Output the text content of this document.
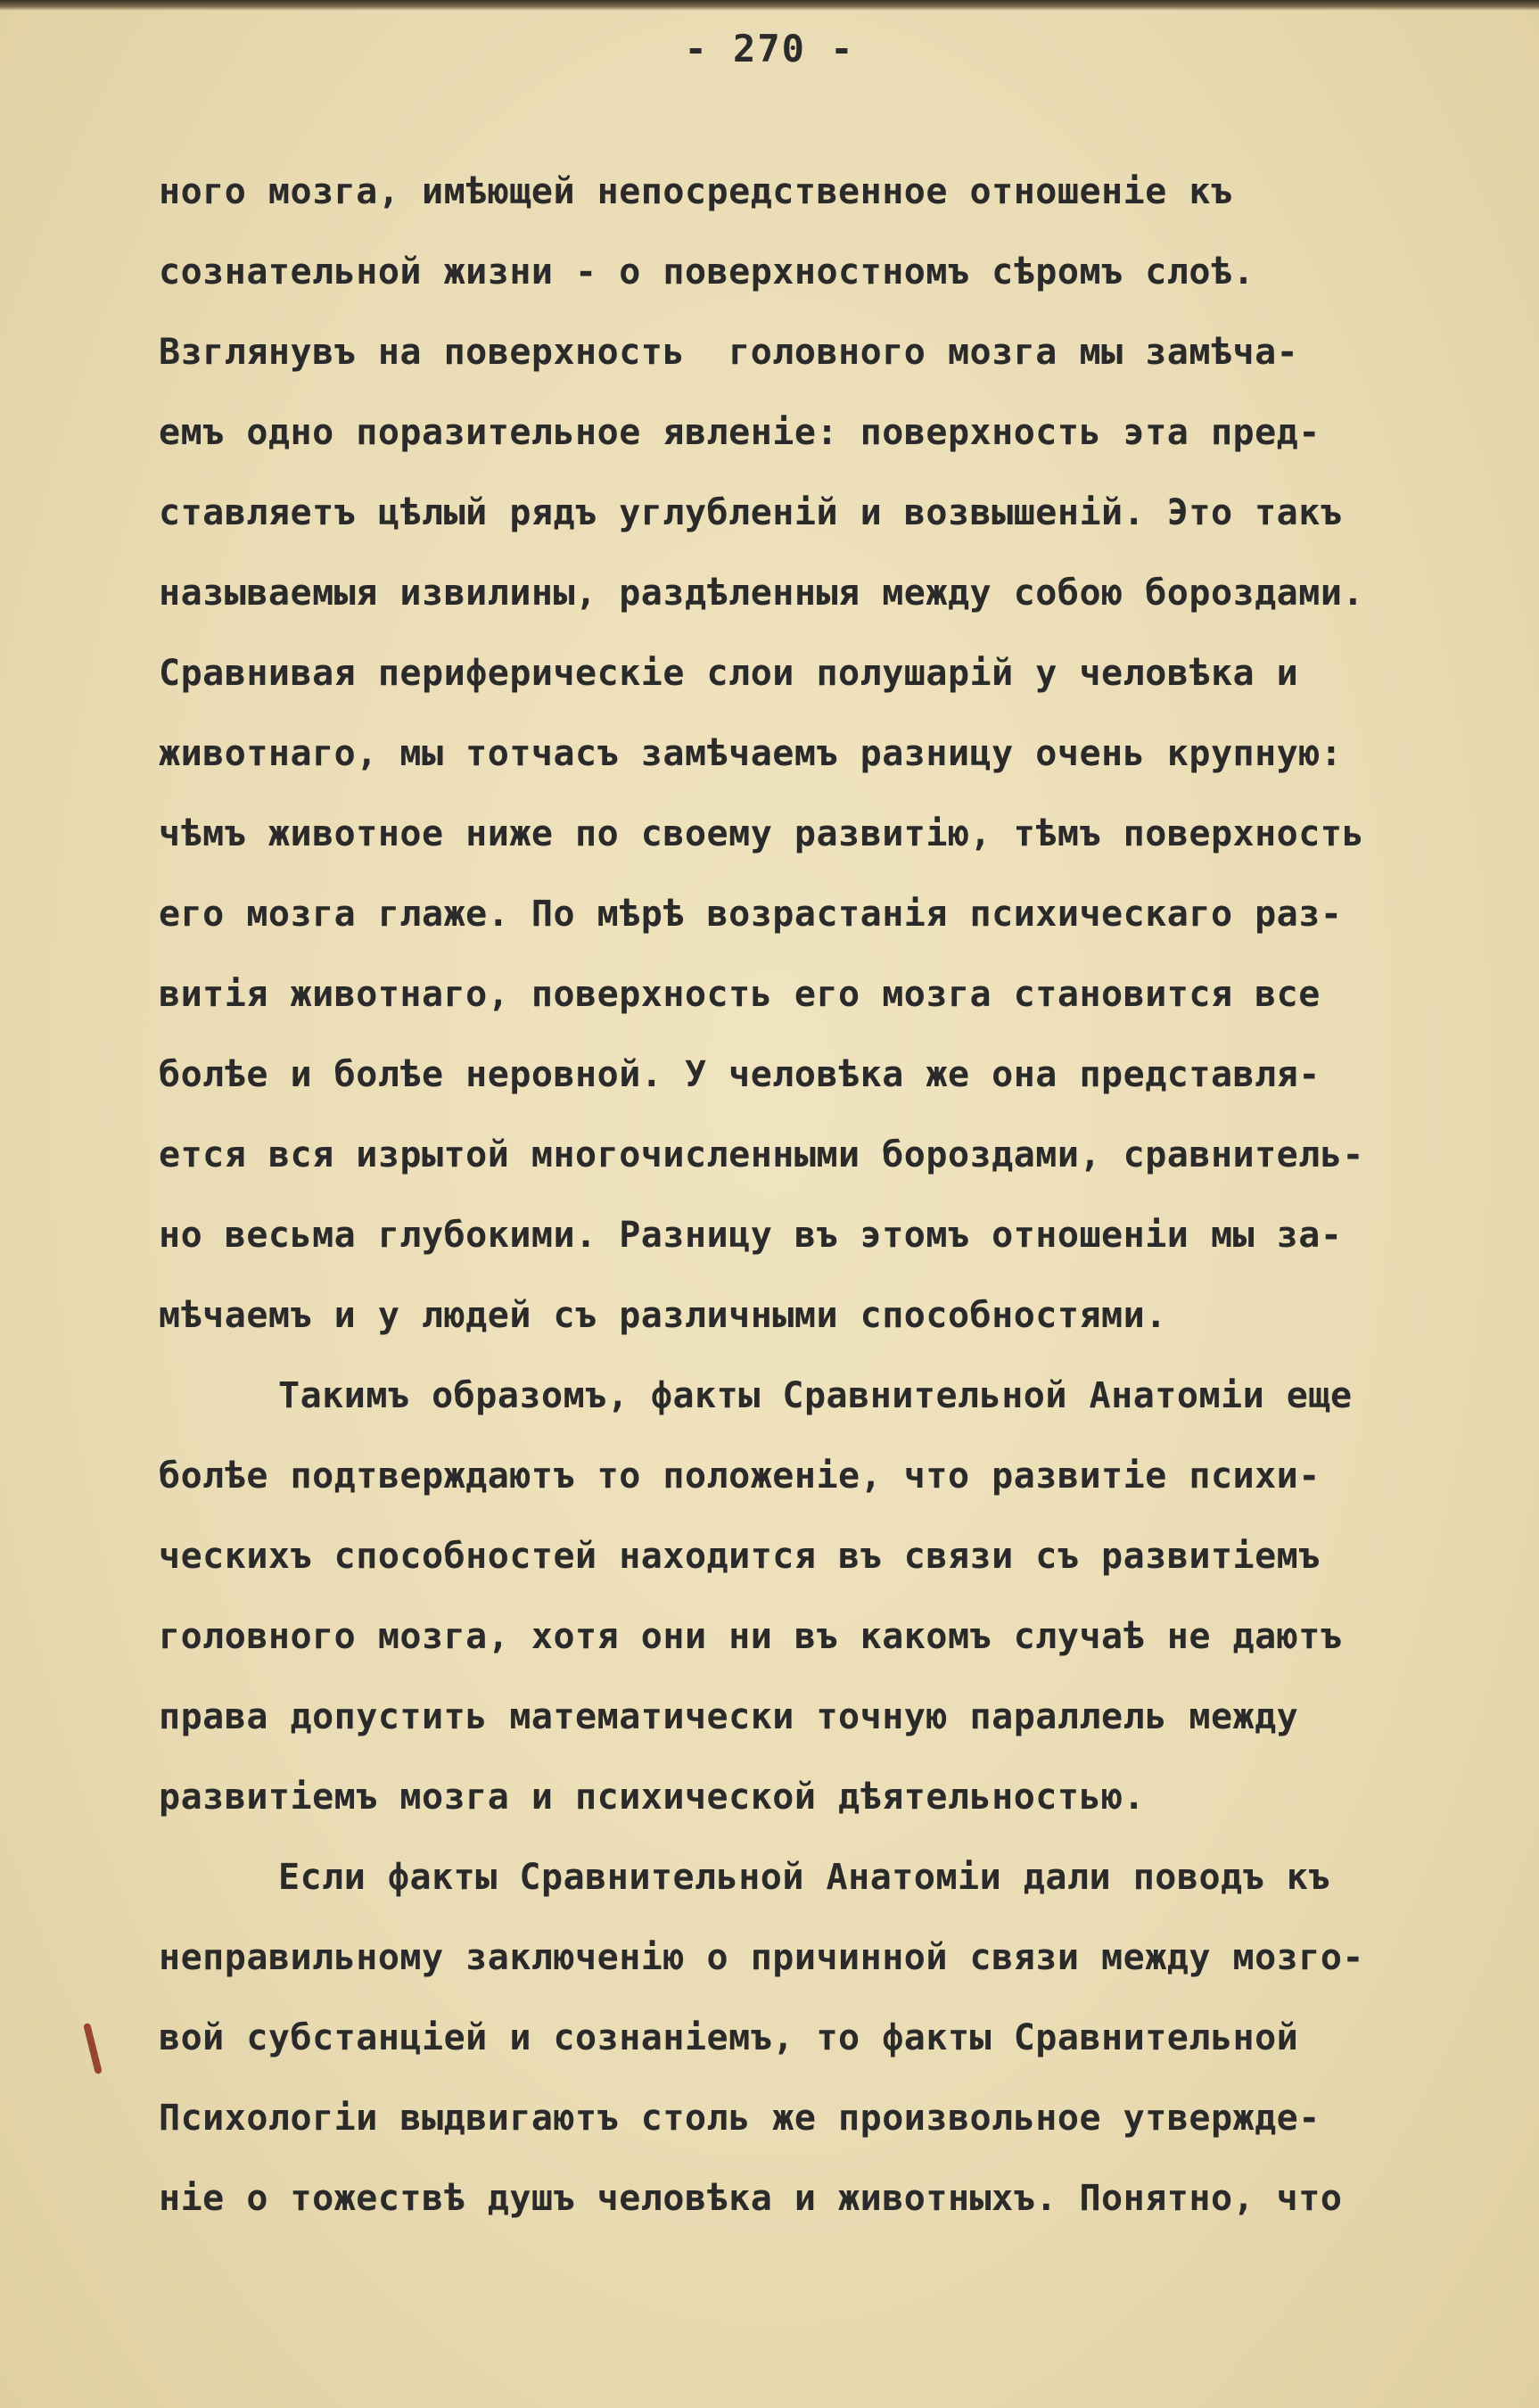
- 270 -
ного мозга, имѣющей непосредственное отношеніе къ
сознательной жизни - о поверхностномъ сѣромъ слоѣ.
Взглянувъ на поверхность  головного мозга мы замѣча-
емъ одно поразительное явленіе: поверхность эта пред-
ставляетъ цѣлый рядъ углубленій и возвышеній. Это такъ
называемыя извилины, раздѣленныя между собою бороздами.
Сравнивая периферическіе слои полушарій у человѣка и
животнаго, мы тотчасъ замѣчаемъ разницу очень крупную:
чѣмъ животное ниже по своему развитію, тѣмъ поверхность
его мозга глаже. По мѣрѣ возрастанія психическаго раз-
витія животнаго, поверхность его мозга становится все
болѣе и болѣе неровной. У человѣка же она представля-
ется вся изрытой многочисленными бороздами, сравнитель-
но весьма глубокими. Разницу въ этомъ отношеніи мы за-
мѣчаемъ и у людей съ различными способностями.
Такимъ образомъ, факты Сравнительной Анатоміи еще
болѣе подтверждаютъ то положеніе, что развитіе психи-
ческихъ способностей находится въ связи съ развитіемъ
головного мозга, хотя они ни въ какомъ случаѣ не даютъ
права допустить математически точную параллель между
развитіемъ мозга и психической дѣятельностью.
Если факты Сравнительной Анатоміи дали поводъ къ
неправильному заключенію о причинной связи между мозго-
вой субстанціей и сознаніемъ, то факты Сравнительной
Психологіи выдвигаютъ столь же произвольное утвержде-
ніе о тожествѣ душъ человѣка и животныхъ. Понятно, что
